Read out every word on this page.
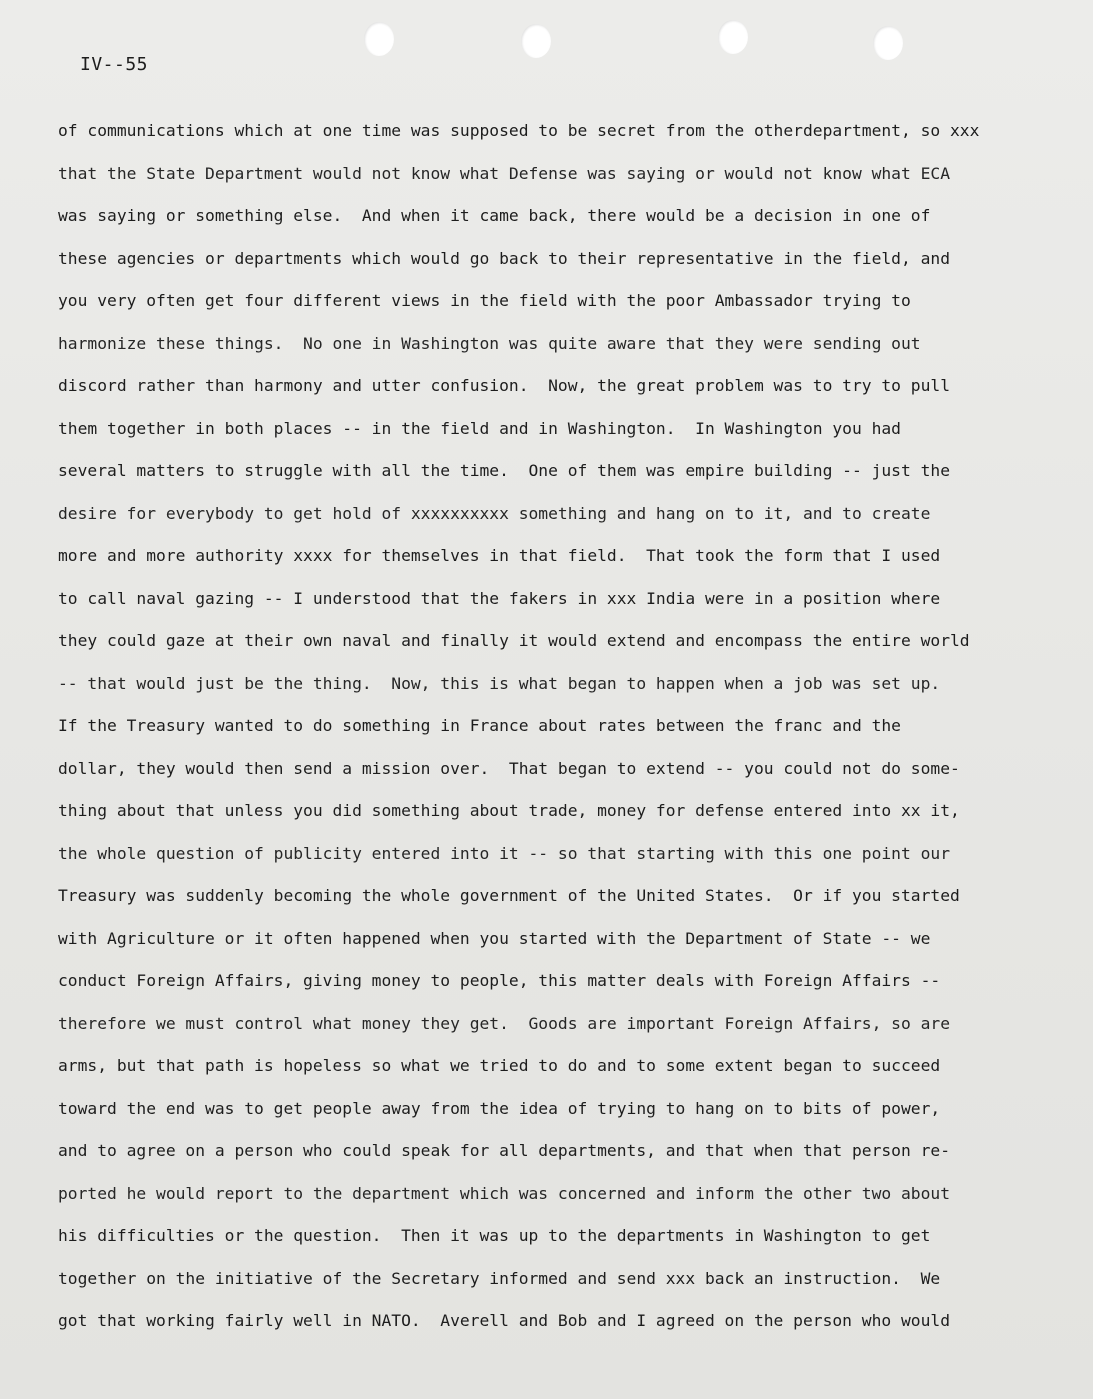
IV--55

of communications which at one time was supposed to be secret from the otherdepartment, so xxx
that the State Department would not know what Defense was saying or would not know what ECA
was saying or something else.  And when it came back, there would be a decision in one of
these agencies or departments which would go back to their representative in the field, and
you very often get four different views in the field with the poor Ambassador trying to
harmonize these things.  No one in Washington was quite aware that they were sending out
discord rather than harmony and utter confusion.  Now, the great problem was to try to pull
them together in both places -- in the field and in Washington.  In Washington you had
several matters to struggle with all the time.  One of them was empire building -- just the
desire for everybody to get hold of xxxxxxxxxx something and hang on to it, and to create
more and more authority xxxx for themselves in that field.  That took the form that I used
to call naval gazing -- I understood that the fakers in xxx India were in a position where
they could gaze at their own naval and finally it would extend and encompass the entire world
-- that would just be the thing.  Now, this is what began to happen when a job was set up.
If the Treasury wanted to do something in France about rates between the franc and the
dollar, they would then send a mission over.  That began to extend -- you could not do some-
thing about that unless you did something about trade, money for defense entered into xx it,
the whole question of publicity entered into it -- so that starting with this one point our
Treasury was suddenly becoming the whole government of the United States.  Or if you started
with Agriculture or it often happened when you started with the Department of State -- we
conduct Foreign Affairs, giving money to people, this matter deals with Foreign Affairs --
therefore we must control what money they get.  Goods are important Foreign Affairs, so are
arms, but that path is hopeless so what we tried to do and to some extent began to succeed
toward the end was to get people away from the idea of trying to hang on to bits of power,
and to agree on a person who could speak for all departments, and that when that person re-
ported he would report to the department which was concerned and inform the other two about
his difficulties or the question.  Then it was up to the departments in Washington to get
together on the initiative of the Secretary informed and send xxx back an instruction.  We
got that working fairly well in NATO.  Averell and Bob and I agreed on the person who would
